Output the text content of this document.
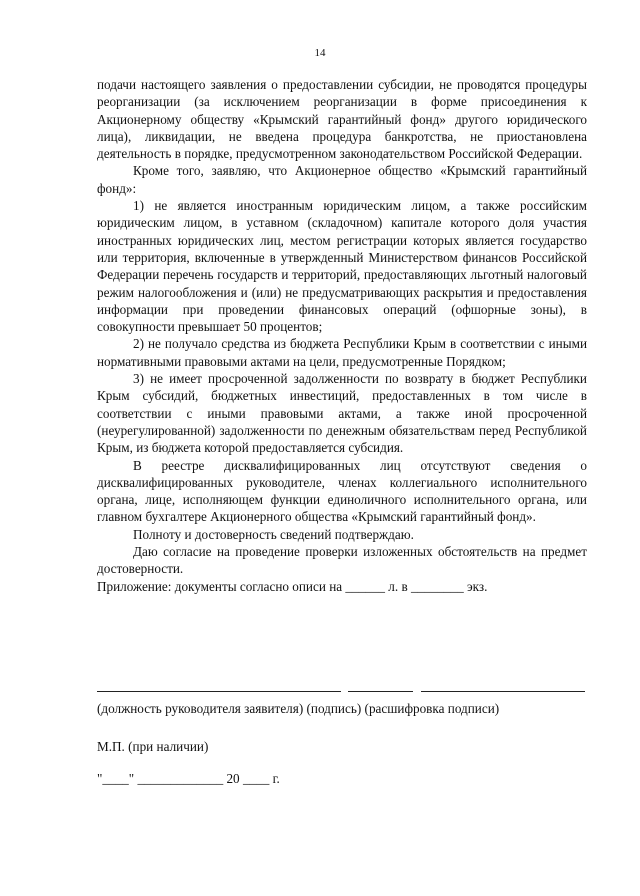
14

подачи настоящего заявления о предоставлении субсидии, не проводятся процедуры реорганизации (за исключением реорганизации в форме присоединения к Акционерному обществу «Крымский гарантийный фонд» другого юридического лица), ликвидации, не введена процедура банкротства, не приостановлена деятельность в порядке, предусмотренном законодательством Российской Федерации.

Кроме того, заявляю, что Акционерное общество «Крымский гарантийный фонд»:

1) не является иностранным юридическим лицом, а также российским юридическим лицом, в уставном (складочном) капитале которого доля участия иностранных юридических лиц, местом регистрации которых является государство или территория, включенные в утвержденный Министерством финансов Российской Федерации перечень государств и территорий, предоставляющих льготный налоговый режим налогообложения и (или) не предусматривающих раскрытия и предоставления информации при проведении финансовых операций (офшорные зоны), в совокупности превышает 50 процентов;

2) не получало средства из бюджета Республики Крым в соответствии с иными нормативными правовыми актами на цели, предусмотренные Порядком;

3) не имеет просроченной задолженности по возврату в бюджет Республики Крым субсидий, бюджетных инвестиций, предоставленных в том числе в соответствии с иными правовыми актами, а также иной просроченной (неурегулированной) задолженности по денежным обязательствам перед Республикой Крым, из бюджета которой предоставляется субсидия.

В реестре дисквалифицированных лиц отсутствуют сведения о дисквалифицированных руководителе, членах коллегиального исполнительного органа, лице, исполняющем функции единоличного исполнительного органа, или главном бухгалтере Акционерного общества «Крымский гарантийный фонд».

Полноту и достоверность сведений подтверждаю.

Даю согласие на проведение проверки изложенных обстоятельств на предмет достоверности.

Приложение: документы согласно описи на ______ л. в ________ экз.

(должность руководителя заявителя) (подпись) (расшифровка подписи)
М.П. (при наличии)
"____" _____________ 20 ____ г.
